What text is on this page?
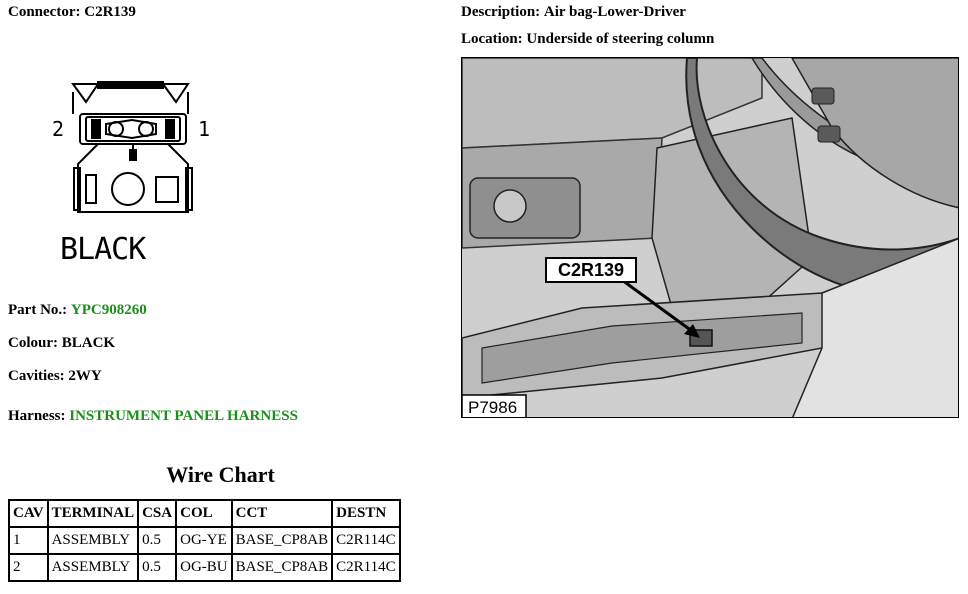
Connector: C2R139
2	1
BLACK
Part No.: YPC908260
Colour: BLACK
Cavities: 2WY
Harness: INSTRUMENT PANEL HARNESS
Description: Air bag-Lower-Driver
Location: Underside of steering column
C2R139
P7986
Wire Chart
CAV	TERMINAL	CSA	COL	CCT	DESTN
1	ASSEMBLY	0.5	OG-YE	BASE_CP8AB	C2R114C
2	ASSEMBLY	0.5	OG-BU	BASE_CP8AB	C2R114C
